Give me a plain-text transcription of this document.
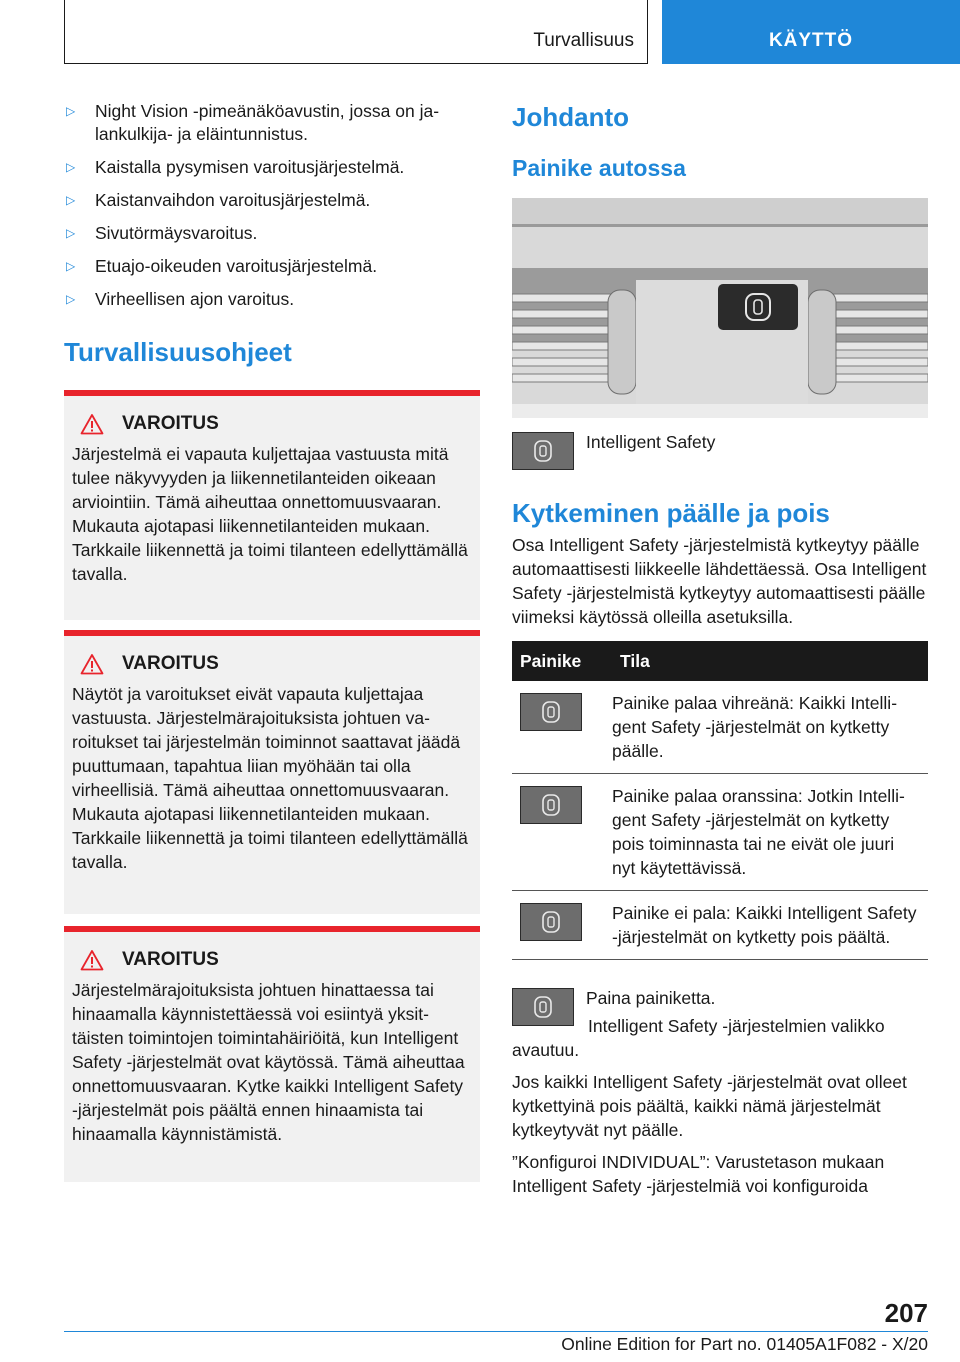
Turvallisuus	KÄYTTÖ
▷	Night Vision -pimeänäköavustin, jossa on jalankulkija- ja eläintunnistus.
▷	Kaistalla pysymisen varoitusjärjestelmä.
▷	Kaistanvaihdon varoitusjärjestelmä.
▷	Sivutörmäysvaroitus.
▷	Etuajo-oikeuden varoitusjärjestelmä.
▷	Virheellisen ajon varoitus.
Turvallisuusohjeet
VAROITUS
Järjestelmä ei vapauta kuljettajaa vastuusta mitä tulee näkyvyyden ja liikennetilanteiden oikeaan arviointiin. Tämä aiheuttaa onnettomuusvaaran. Mukauta ajotapasi liikennetilanteiden mukaan. Tarkkaile liikennettä ja toimi tilanteen edellyttämällä tavalla.
VAROITUS
Näytöt ja varoitukset eivät vapauta kuljettajaa vastuusta. Järjestelmärajoituksista johtuen varoitukset tai järjestelmän toiminnot saattavat jäädä puuttumaan, tapahtua liian myöhään tai olla virheellisiä. Tämä aiheuttaa onnettomuusvaaran. Mukauta ajotapasi liikennetilanteiden mukaan. Tarkkaile liikennettä ja toimi tilanteen edellyttämällä tavalla.
VAROITUS
Järjestelmärajoituksista johtuen hinattaessa tai hinaamalla käynnistettäessä voi esiintyä yksittäisten toimintojen toimintahäiriöitä, kun Intelligent Safety -järjestelmät ovat käytössä. Tämä aiheuttaa onnettomuusvaaran. Kytke kaikki Intelligent Safety -järjestelmät pois päältä ennen hinaamista tai hinaamalla käynnistämistä.
Johdanto
Painike autossa
Intelligent Safety
Kytkeminen päälle ja pois
Osa Intelligent Safety -järjestelmistä kytkeytyy päälle automaattisesti liikkeelle lähdettäessä. Osa Intelligent Safety -järjestelmistä kytkeytyy automaattisesti päälle viimeksi käytössä olleilla asetuksilla.
Painike	Tila

	Painike palaa vihreänä: Kaikki Intelligent Safety -järjestelmät on kytketty päälle.

	Painike palaa oranssina: Jotkin Intelligent Safety -järjestelmät on kytketty pois toiminnasta tai ne eivät ole juuri nyt käytettävissä.

	Painike ei pala: Kaikki Intelligent Safety -järjestelmät on kytketty pois päältä.
Paina painiketta.
Intelligent Safety -järjestelmien valikko avautuu.
Jos kaikki Intelligent Safety -järjestelmät ovat olleet kytkettyinä pois päältä, kaikki nämä järjestelmät kytkeytyvät nyt päälle.
”Konfiguroi INDIVIDUAL”: Varustetason mukaan Intelligent Safety -järjestelmiä voi konfiguroida
207
Online Edition for Part no. 01405A1F082 - X/20
